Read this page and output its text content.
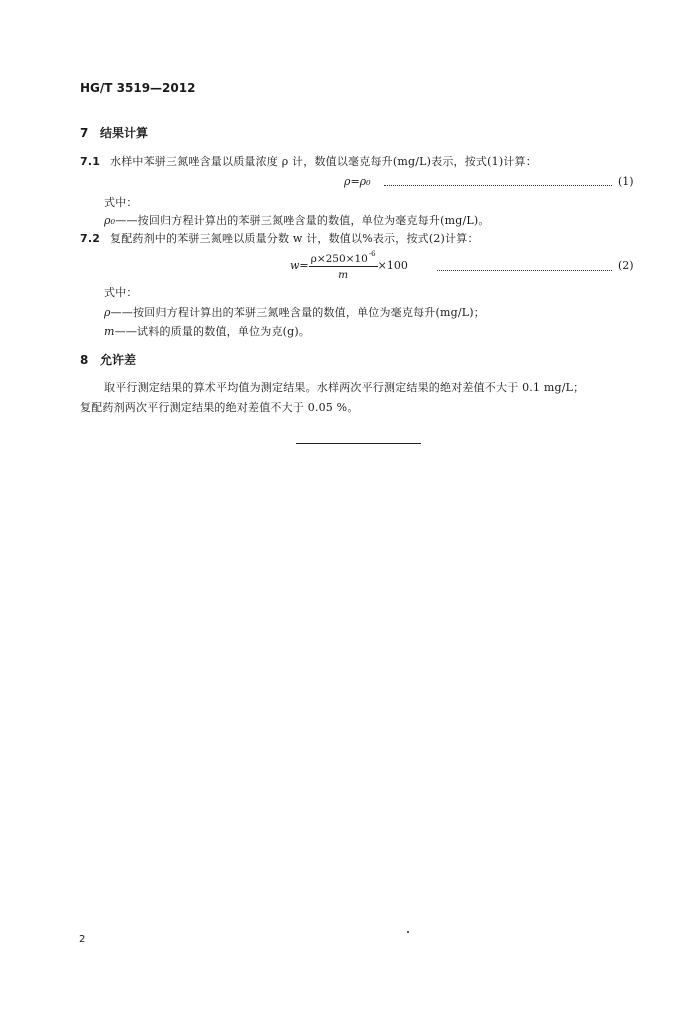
HG/T 3519—2012
7 结果计算
7.1 水样中苯骈三氮唑含量以质量浓度 ρ 计，数值以毫克每升(mg/L)表示，按式(1)计算：
ρ=ρ₀	(1)
式中：
ρ₀——按回归方程计算出的苯骈三氮唑含量的数值，单位为毫克每升(mg/L)。
7.2 复配药剂中的苯骈三氮唑以质量分数 w 计，数值以%表示，按式(2)计算：
$w= \frac{\rho\times 250\times 10^{-6}}{m} \times 100$	(2)
式中：
ρ——按回归方程计算出的苯骈三氮唑含量的数值，单位为毫克每升(mg/L)；
m——试料的质量的数值，单位为克(g)。
8 允许差
取平行测定结果的算术平均值为测定结果。水样两次平行测定结果的绝对差值不大于 0.1 mg/L；
复配药剂两次平行测定结果的绝对差值不大于 0.05 %。
2
